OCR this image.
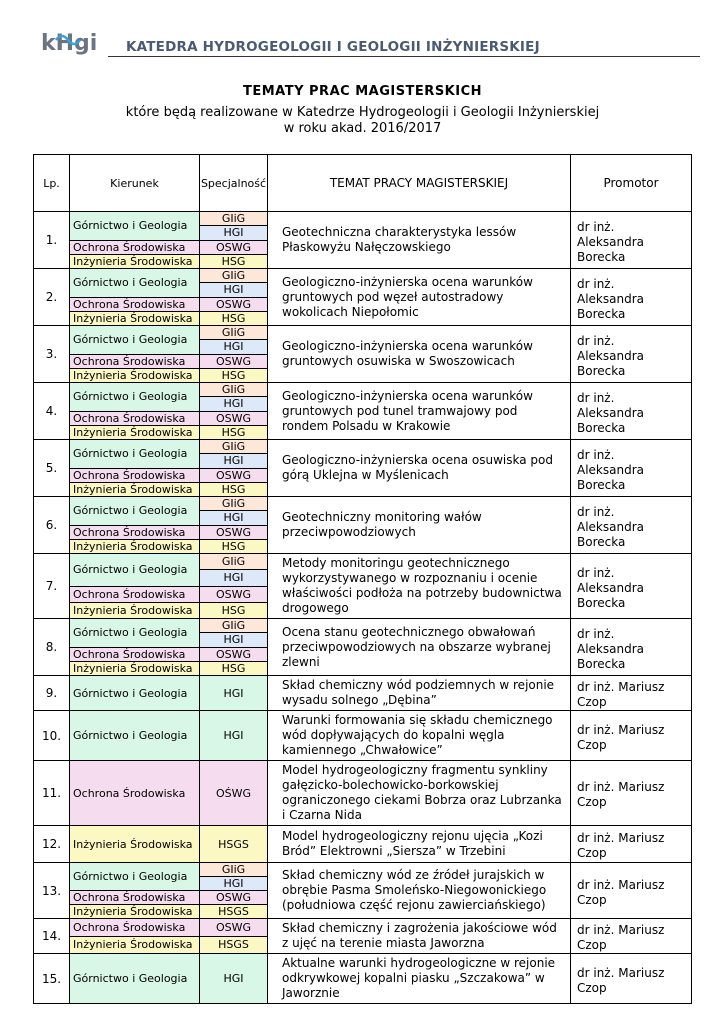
kHgi KATEDRA HYDROGEOLOGII I GEOLOGII INŻYNIERSKIEJ
TEMATY PRAC MAGISTERSKICH
które będą realizowane w Katedrze Hydrogeologii i Geologii Inżynierskiej
w roku akad. 2016/2017
Lp.	Kierunek	Specjalność	TEMAT PRACY MAGISTERSKIEJ	Promotor
1.	Górnictwo i Geologia	GIiG	Geotechniczna charakterystyka lessów Płaskowyżu Nałęczowskiego	dr inż. Aleksandra Borecka
		HGI		
	Ochrona Środowiska	OSWG		
	Inżynieria Środowiska	HSG		
2.	Górnictwo i Geologia	GIiG	Geologiczno-inżynierska ocena warunków gruntowych pod węzeł autostradowy wokolicach Niepołomic	dr inż. Aleksandra Borecka
		HGI		
	Ochrona Środowiska	OSWG		
	Inżynieria Środowiska	HSG		
3.	Górnictwo i Geologia	GIiG	Geologiczno-inżynierska ocena warunków gruntowych osuwiska w Swoszowicach	dr inż. Aleksandra Borecka
		HGI		
	Ochrona Środowiska	OSWG		
	Inżynieria Środowiska	HSG		
4.	Górnictwo i Geologia	GIiG	Geologiczno-inżynierska ocena warunków gruntowych pod tunel tramwajowy pod rondem Polsadu w Krakowie	dr inż. Aleksandra Borecka
		HGI		
	Ochrona Środowiska	OSWG		
	Inżynieria Środowiska	HSG		
5.	Górnictwo i Geologia	GIiG	Geologiczno-inżynierska ocena osuwiska pod górą Uklejna w Myślenicach	dr inż. Aleksandra Borecka
		HGI		
	Ochrona Środowiska	OSWG		
	Inżynieria Środowiska	HSG		
6.	Górnictwo i Geologia	GIiG	Geotechniczny monitoring wałów przeciwpowodziowych	dr inż. Aleksandra Borecka
		HGI		
	Ochrona Środowiska	OSWG		
	Inżynieria Środowiska	HSG		
7.	Górnictwo i Geologia	GIiG	Metody monitoringu geotechnicznego wykorzystywanego w rozpoznaniu i ocenie właściwości podłoża na potrzeby budownictwa drogowego	dr inż. Aleksandra Borecka
		HGI		
	Ochrona Środowiska	OSWG		
	Inżynieria Środowiska	HSG		
8.	Górnictwo i Geologia	GIiG	Ocena stanu geotechnicznego obwałowań przeciwpowodziowych na obszarze wybranej zlewni	dr inż. Aleksandra Borecka
		HGI		
	Ochrona Środowiska	OSWG		
	Inżynieria Środowiska	HSG		
9.	Górnictwo i Geologia	HGI	Skład chemiczny wód podziemnych w rejonie wysadu solnego „Dębina”	dr inż. Mariusz Czop
10.	Górnictwo i Geologia	HGI	Warunki formowania się składu chemicznego wód dopływających do kopalni węgla kamiennego „Chwałowice”	dr inż. Mariusz Czop
11.	Ochrona Środowiska	OŚWG	Model hydrogeologiczny fragmentu synkliny gałęzicko-bolechowicko-borkowskiej ograniczonego ciekami Bobrza oraz Lubrzanka i Czarna Nida	dr inż. Mariusz Czop
12.	Inżynieria Środowiska	HSGS	Model hydrogeologiczny rejonu ujęcia „Kozi Bród” Elektrowni „Siersza” w Trzebini	dr inż. Mariusz Czop
13.	Górnictwo i Geologia	GIiG	Skład chemiczny wód ze źródeł jurajskich w obrębie Pasma Smoleńsko-Niegowonickiego (południowa część rejonu zawierciańskiego)	dr inż. Mariusz Czop
		HGI		
	Ochrona Środowiska	OSWG		
	Inżynieria Środowiska	HSGS		
14.	Ochrona Środowiska	OSWG	Skład chemiczny i zagrożenia jakościowe wód z ujęć na terenie miasta Jaworzna	dr inż. Mariusz Czop
	Inżynieria Środowiska	HSGS		
15.	Górnictwo i Geologia	HGI	Aktualne warunki hydrogeologiczne w rejonie odkrywkowej kopalni piasku „Szczakowa” w Jaworznie	dr inż. Mariusz Czop
